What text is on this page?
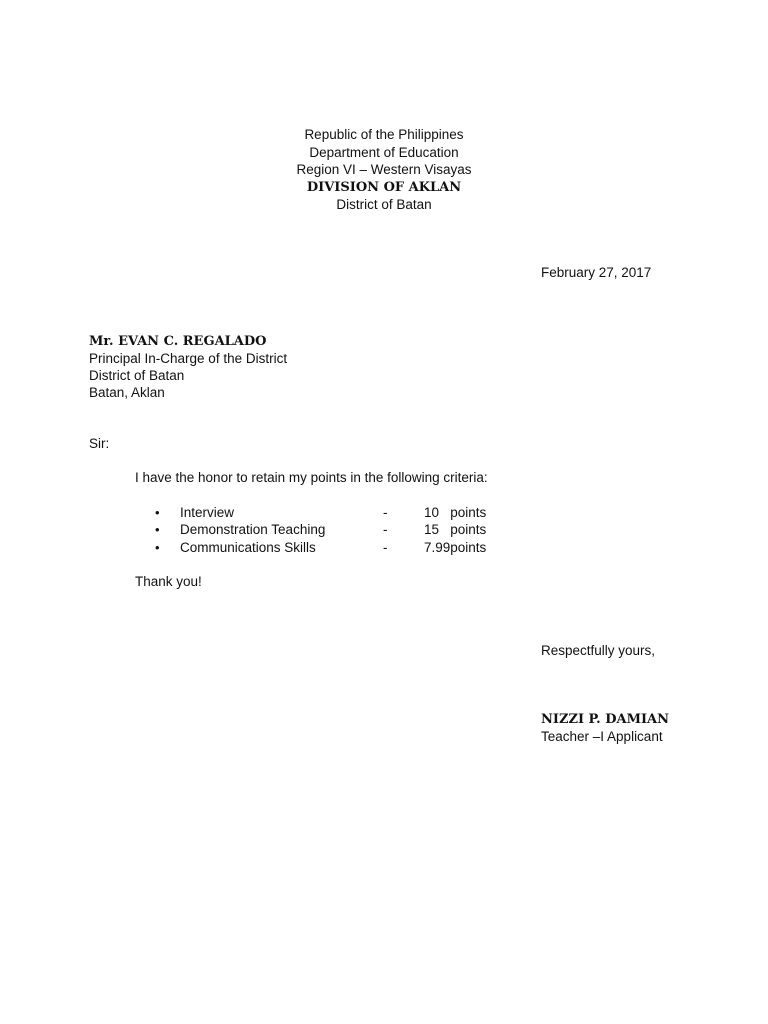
Republic of the Philippines
Department of Education
Region VI – Western Visayas
DIVISION OF AKLAN
District of Batan
February 27, 2017
Mr. EVAN C. REGALADO
Principal In-Charge of the District
District of Batan
Batan, Aklan
Sir:
I have the honor to retain my points in the following criteria:
• Interview	-	10   points
• Demonstration Teaching	-	15   points
• Communications Skills	-	7.99points
Thank you!
Respectfully yours,
NIZZI P. DAMIAN
Teacher –I Applicant
